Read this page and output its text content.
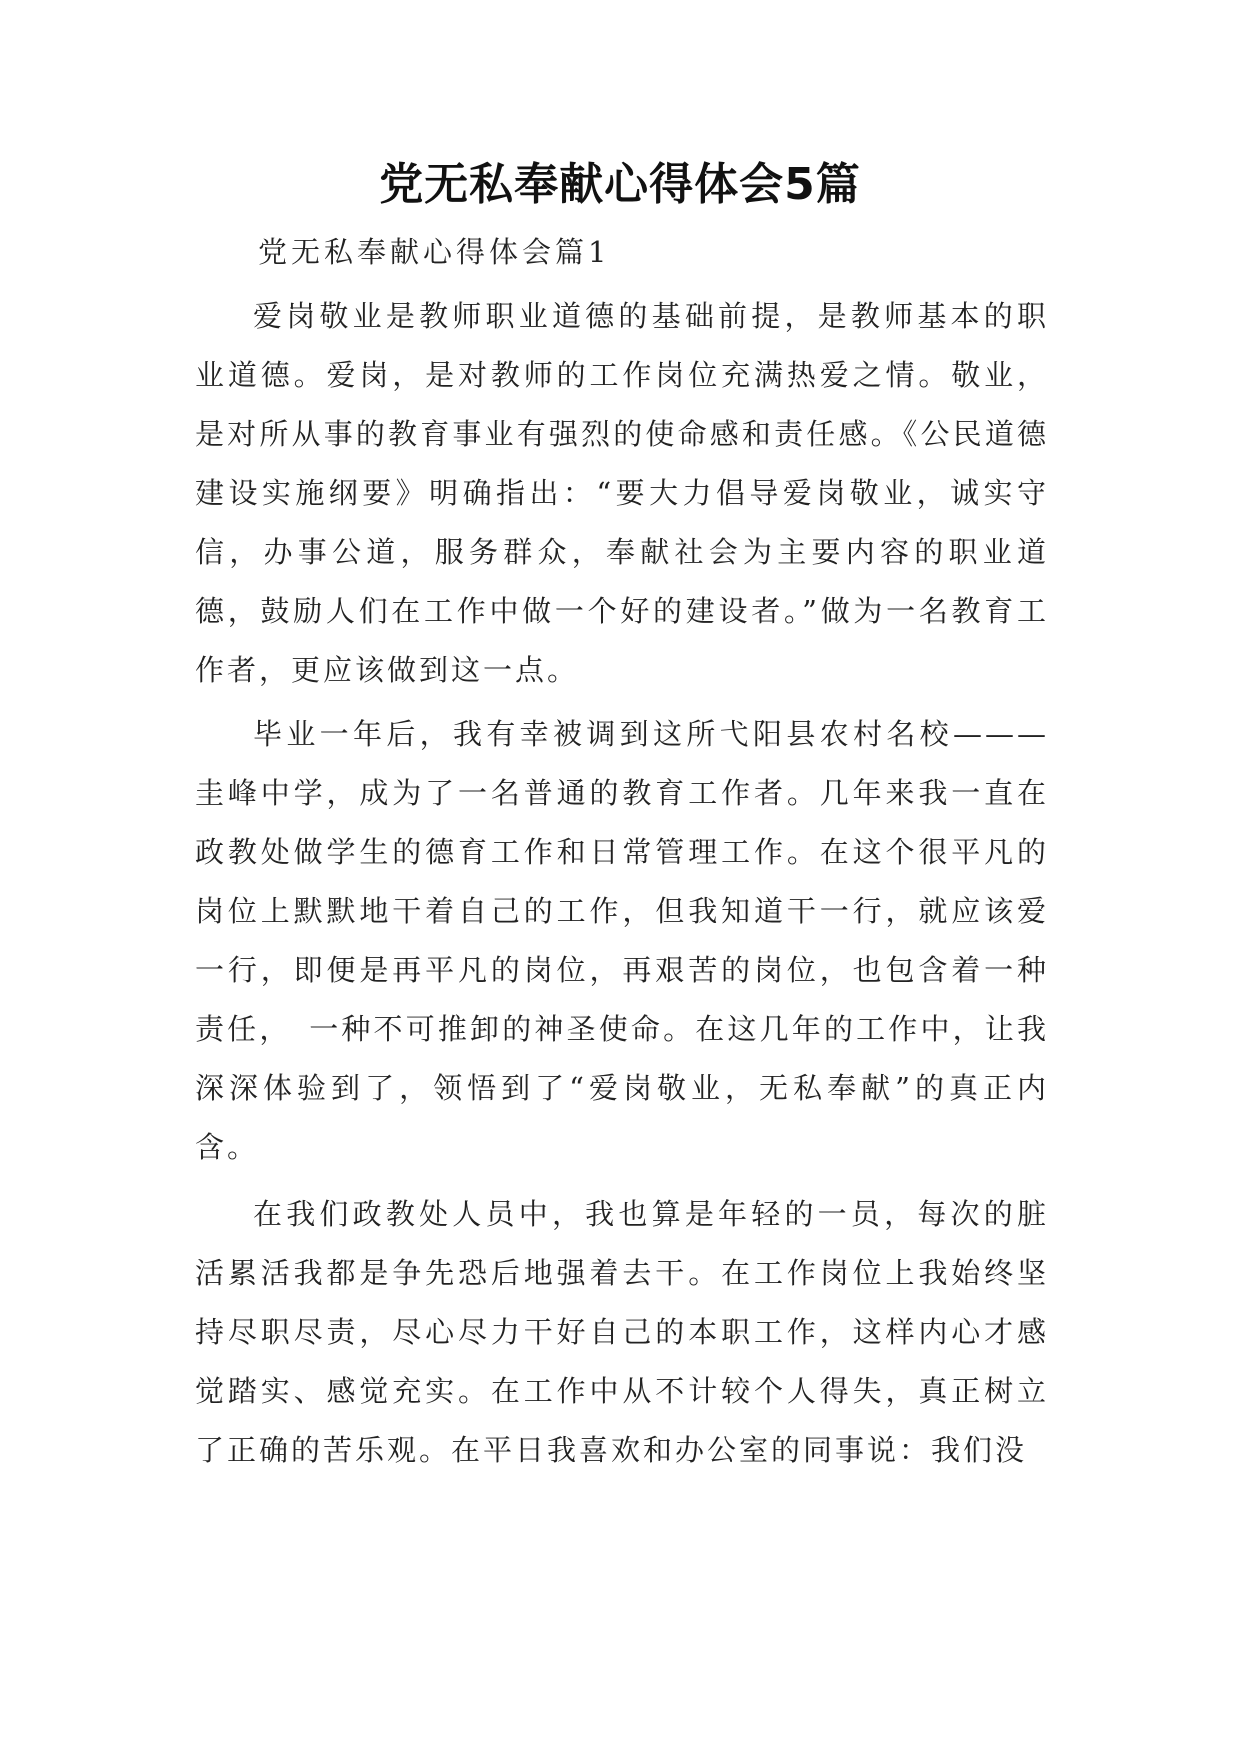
党无私奉献心得体会5篇
党无私奉献心得体会篇1

爱岗敬业是教师职业道德的基础前提，是教师基本的职业道德。爱岗，是对教师的工作岗位充满热爱之情。敬业，是对所从事的教育事业有强烈的使命感和责任感。《公民道德建设实施纲要》明确指出：“要大力倡导爱岗敬业，诚实守信，办事公道，服务群众，奉献社会为主要内容的职业道德，鼓励人们在工作中做一个好的建设者。”做为一名教育工作者，更应该做到这一点。

毕业一年后，我有幸被调到这所弋阳县农村名校———圭峰中学，成为了一名普通的教育工作者。几年来我一直在政教处做学生的德育工作和日常管理工作。在这个很平凡的岗位上默默地干着自己的工作，但我知道干一行，就应该爱一行，即便是再平凡的岗位，再艰苦的岗位，也包含着一种责任，　一种不可推卸的神圣使命。在这几年的工作中，让我深深体验到了，领悟到了“爱岗敬业，无私奉献”的真正内含。

在我们政教处人员中，我也算是年轻的一员，每次的脏活累活我都是争先恐后地强着去干。在工作岗位上我始终坚持尽职尽责，尽心尽力干好自己的本职工作，这样内心才感觉踏实、感觉充实。在工作中从不计较个人得失，真正树立了正确的苦乐观。在平日我喜欢和办公室的同事说：我们没
